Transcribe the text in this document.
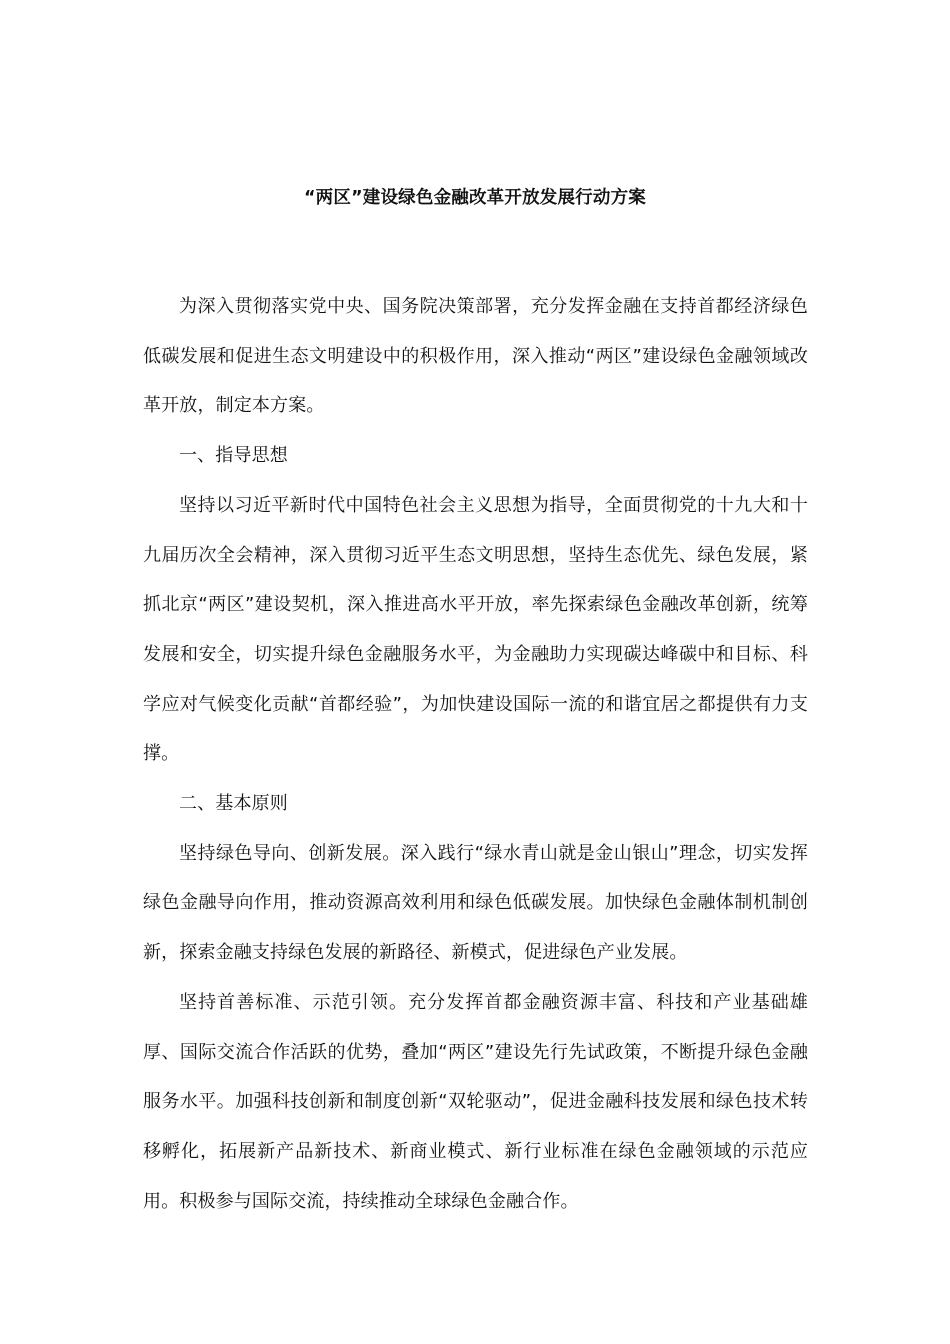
“两区”建设绿色金融改革开放发展行动方案

为深入贯彻落实党中央、国务院决策部署，充分发挥金融在支持首都经济绿色低碳发展和促进生态文明建设中的积极作用，深入推动“两区”建设绿色金融领域改革开放，制定本方案。

一、指导思想

坚持以习近平新时代中国特色社会主义思想为指导，全面贯彻党的十九大和十九届历次全会精神，深入贯彻习近平生态文明思想，坚持生态优先、绿色发展，紧抓北京“两区”建设契机，深入推进高水平开放，率先探索绿色金融改革创新，统筹发展和安全，切实提升绿色金融服务水平，为金融助力实现碳达峰碳中和目标、科学应对气候变化贡献“首都经验”，为加快建设国际一流的和谐宜居之都提供有力支撑。

二、基本原则

坚持绿色导向、创新发展。深入践行“绿水青山就是金山银山”理念，切实发挥绿色金融导向作用，推动资源高效利用和绿色低碳发展。加快绿色金融体制机制创新，探索金融支持绿色发展的新路径、新模式，促进绿色产业发展。

坚持首善标准、示范引领。充分发挥首都金融资源丰富、科技和产业基础雄厚、国际交流合作活跃的优势，叠加“两区”建设先行先试政策，不断提升绿色金融服务水平。加强科技创新和制度创新“双轮驱动”，促进金融科技发展和绿色技术转移孵化，拓展新产品新技术、新商业模式、新行业标准在绿色金融领域的示范应用。积极参与国际交流，持续推动全球绿色金融合作。
